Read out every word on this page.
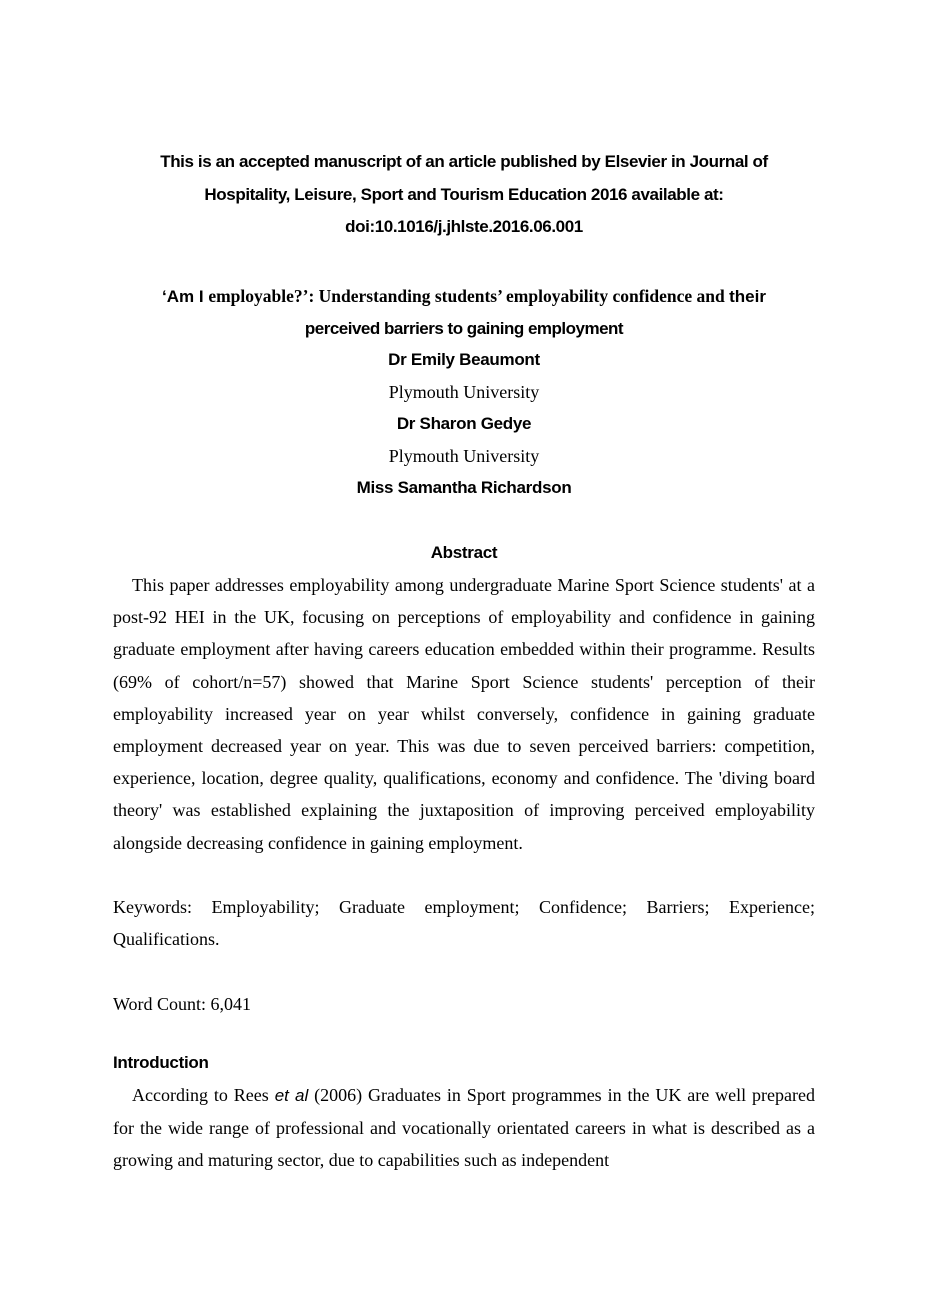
This is an accepted manuscript of an article published by Elsevier in Journal of
Hospitality, Leisure, Sport and Tourism Education 2016 available at:
doi:10.1016/j.jhlste.2016.06.001
‘Am I employable?’: Understanding students’ employability confidence and their
perceived barriers to gaining employment
Dr Emily Beaumont
Plymouth University
Dr Sharon Gedye
Plymouth University
Miss Samantha Richardson
Abstract
This paper addresses employability among undergraduate Marine Sport Science students' at a post-92 HEI in the UK, focusing on perceptions of employability and confidence in gaining graduate employment after having careers education embedded within their programme. Results (69% of cohort/n=57) showed that Marine Sport Science students' perception of their employability increased year on year whilst conversely, confidence in gaining graduate employment decreased year on year. This was due to seven perceived barriers: competition, experience, location, degree quality, qualifications, economy and confidence. The 'diving board theory' was established explaining the juxtaposition of improving perceived employability alongside decreasing confidence in gaining employment.
Keywords: Employability; Graduate employment; Confidence; Barriers; Experience; Qualifications.
Word Count: 6,041
Introduction
According to Rees et al (2006) Graduates in Sport programmes in the UK are well prepared for the wide range of professional and vocationally orientated careers in what is described as a growing and maturing sector, due to capabilities such as independent
